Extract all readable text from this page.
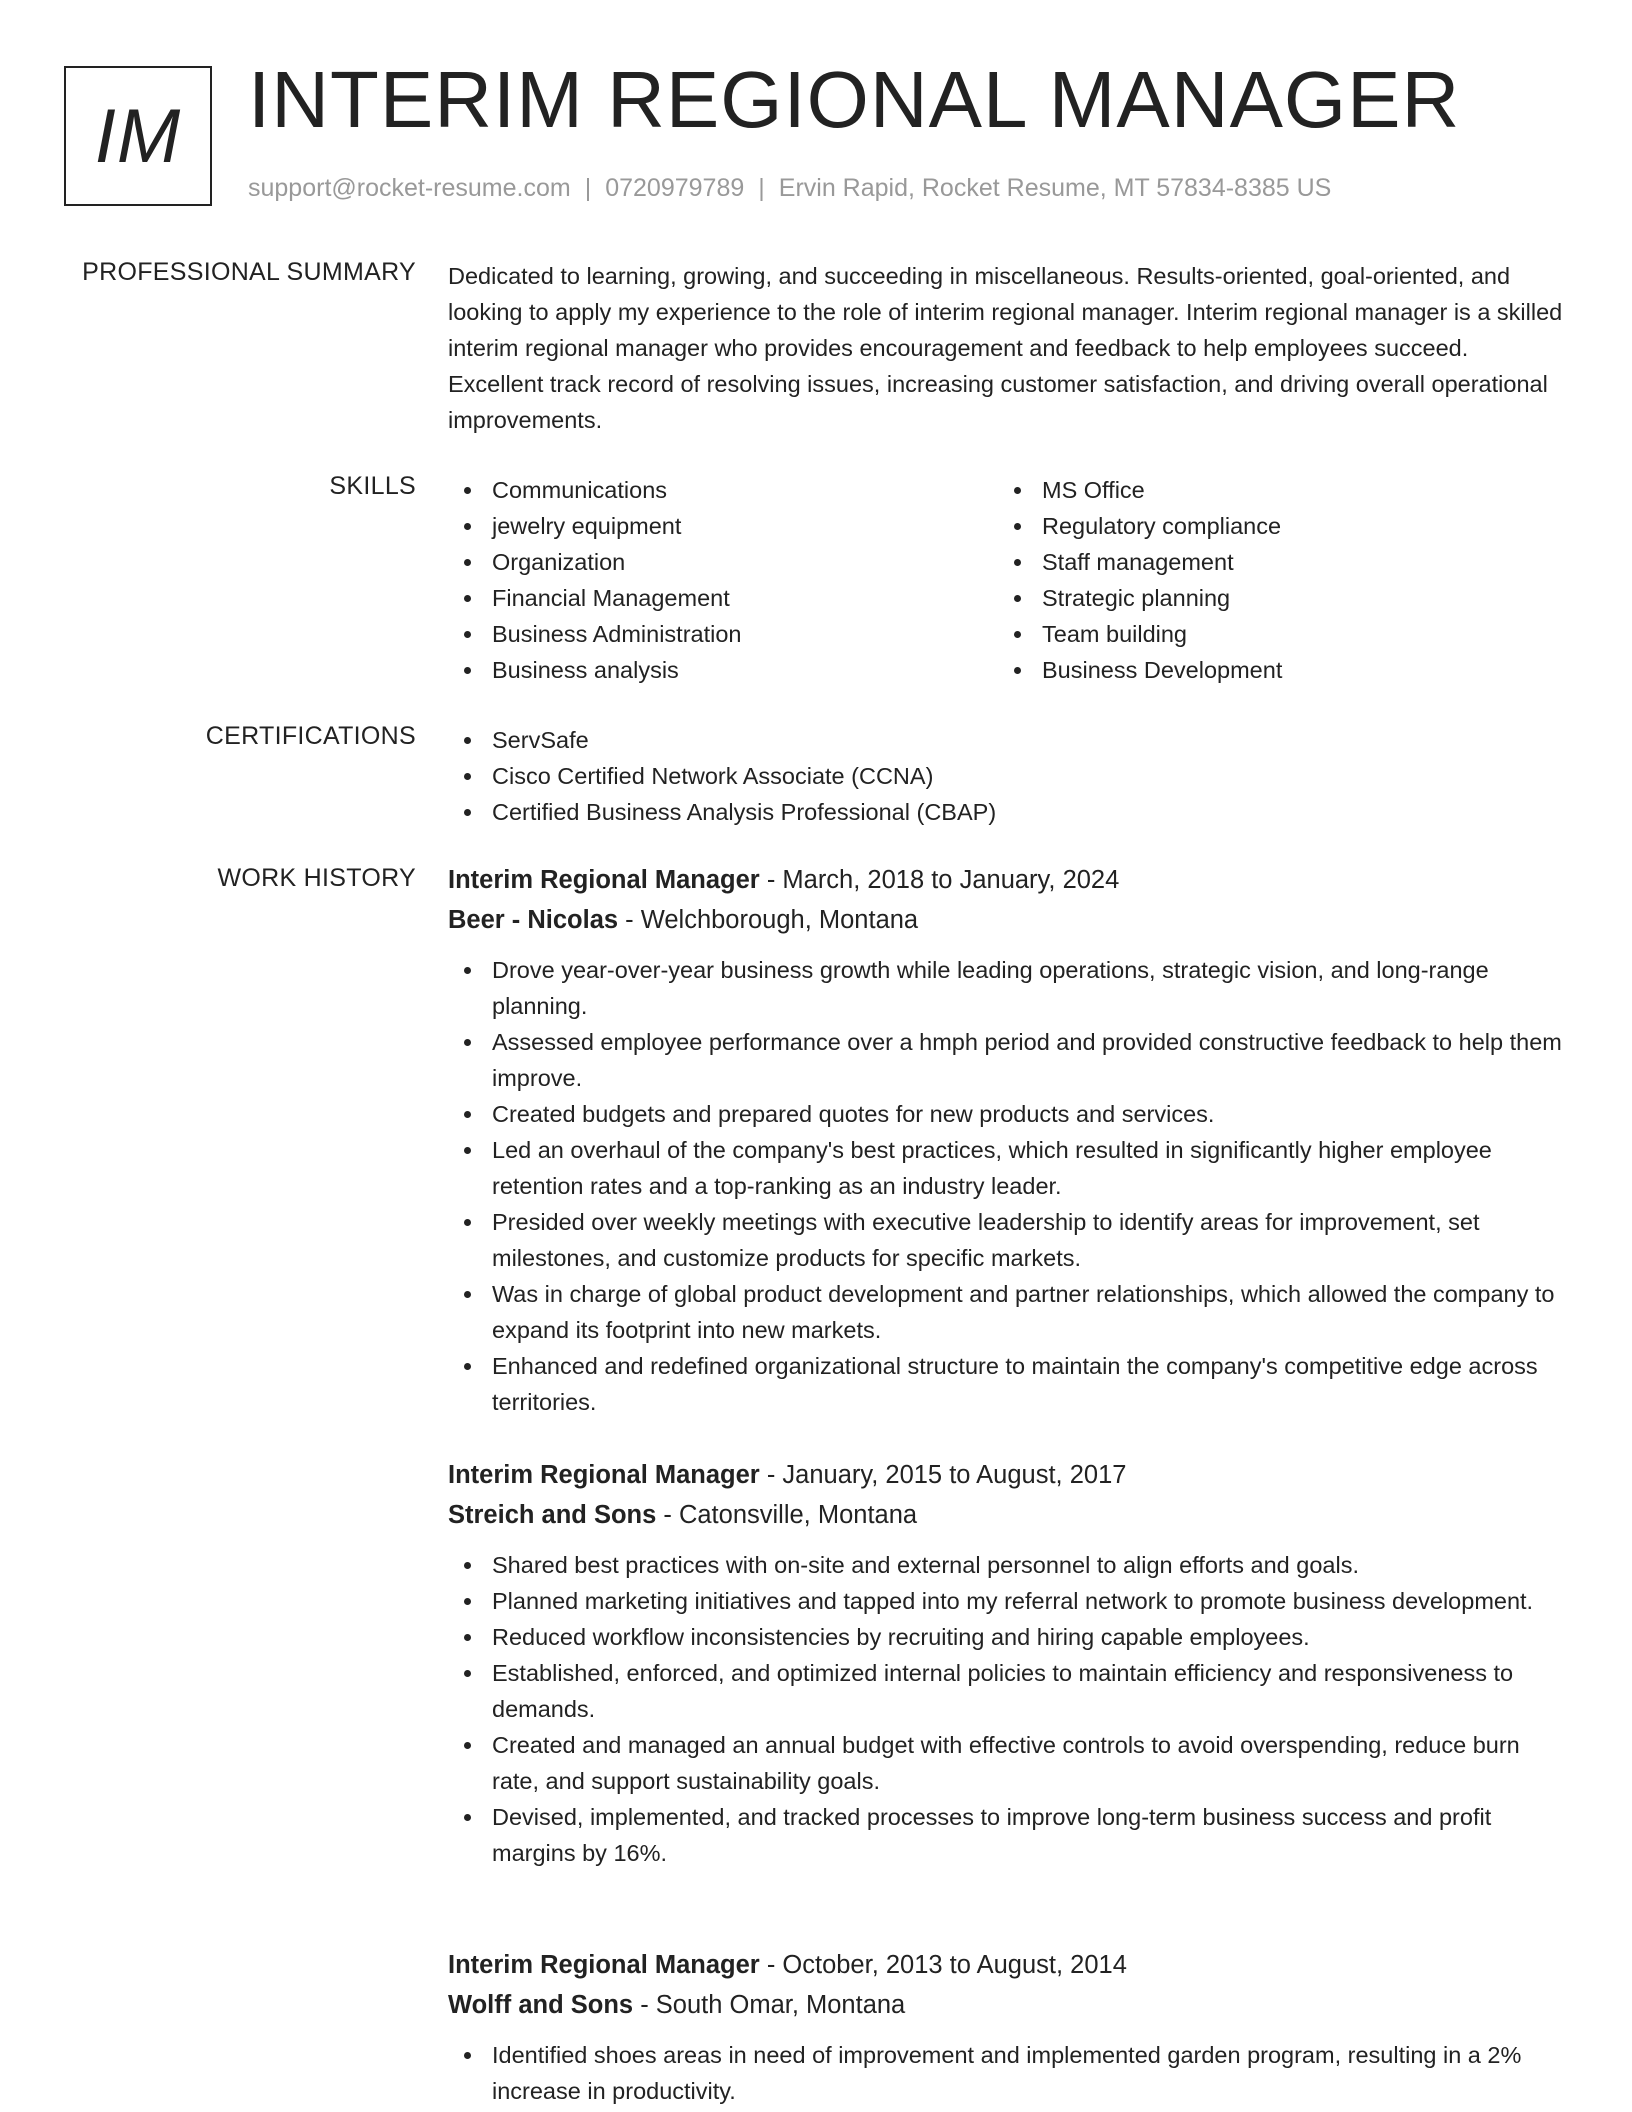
IM INTERIM REGIONAL MANAGER
support@rocket-resume.com | 0720979789 | Ervin Rapid, Rocket Resume, MT 57834-8385 US
PROFESSIONAL SUMMARY Dedicated to learning, growing, and succeeding in miscellaneous. Results-oriented, goal-oriented, and looking to apply my experience to the role of interim regional manager. Interim regional manager is a skilled interim regional manager who provides encouragement and feedback to help employees succeed. Excellent track record of resolving issues, increasing customer satisfaction, and driving overall operational improvements.

SKILLS	Communications
jewelry equipment
Organization
Financial Management
Business Administration
Business analysis
MS Office
Regulatory compliance
Staff management
Strategic planning
Team building
Business Development
CERTIFICATIONS	ServSafe
Cisco Certified Network Associate (CCNA)
Certified Business Analysis Professional (CBAP)
WORK HISTORY Interim Regional Manager - March, 2018 to January, 2024
Beer - Nicolas - Welchborough, Montana
Drove year-over-year business growth while leading operations, strategic vision, and long-range planning.
Assessed employee performance over a hmph period and provided constructive feedback to help them improve.
Created budgets and prepared quotes for new products and services.
Led an overhaul of the company's best practices, which resulted in significantly higher employee retention rates and a top-ranking as an industry leader.
Presided over weekly meetings with executive leadership to identify areas for improvement, set milestones, and customize products for specific markets.
Was in charge of global product development and partner relationships, which allowed the company to expand its footprint into new markets.
Enhanced and redefined organizational structure to maintain the company's competitive edge across territories.
Interim Regional Manager - January, 2015 to August, 2017
Streich and Sons - Catonsville, Montana
Shared best practices with on-site and external personnel to align efforts and goals.
Planned marketing initiatives and tapped into my referral network to promote business development.
Reduced workflow inconsistencies by recruiting and hiring capable employees.
Established, enforced, and optimized internal policies to maintain efficiency and responsiveness to demands.
Created and managed an annual budget with effective controls to avoid overspending, reduce burn rate, and support sustainability goals.
Devised, implemented, and tracked processes to improve long-term business success and profit margins by 16%.
Interim Regional Manager - October, 2013 to August, 2014
Wolff and Sons - South Omar, Montana
Identified shoes areas in need of improvement and implemented garden program, resulting in a 2% increase in productivity.
